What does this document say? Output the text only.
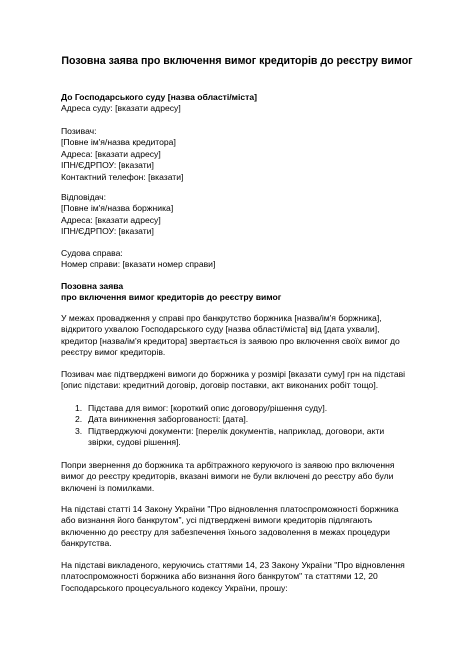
Позовна заява про включення вимог кредиторів до реєстру вимог
До Господарського суду [назва області/міста]
Адреса суду: [вказати адресу]
Позивач:
[Повне ім'я/назва кредитора]
Адреса: [вказати адресу]
ІПН/ЄДРПОУ: [вказати]
Контактний телефон: [вказати]
Відповідач:
[Повне ім'я/назва боржника]
Адреса: [вказати адресу]
ІПН/ЄДРПОУ: [вказати]
Судова справа:
Номер справи: [вказати номер справи]
Позовна заява
про включення вимог кредиторів до реєстру вимог
У межах провадження у справі про банкрутство боржника [назва/ім'я боржника],
відкритого ухвалою Господарського суду [назва області/міста] від [дата ухвали],
кредитор [назва/ім'я кредитора] звертається із заявою про включення своїх вимог до
реєстру вимог кредиторів.
Позивач має підтверджені вимоги до боржника у розмірі [вказати суму] грн на підставі
[опис підстави: кредитний договір, договір поставки, акт виконаних робіт тощо].
1. Підстава для вимог: [короткий опис договору/рішення суду].
2. Дата виникнення заборгованості: [дата].
3. Підтверджуючі документи: [перелік документів, наприклад, договори, акти
звірки, судові рішення].
Попри звернення до боржника та арбітражного керуючого із заявою про включення
вимог до реєстру кредиторів, вказані вимоги не були включені до реєстру або були
включені із помилками.
На підставі статті 14 Закону України "Про відновлення платоспроможності боржника
або визнання його банкрутом", усі підтверджені вимоги кредиторів підлягають
включенню до реєстру для забезпечення їхнього задоволення в межах процедури
банкрутства.
На підставі викладеного, керуючись статтями 14, 23 Закону України "Про відновлення
платоспроможності боржника або визнання його банкрутом" та статтями 12, 20
Господарського процесуального кодексу України, прошу:
